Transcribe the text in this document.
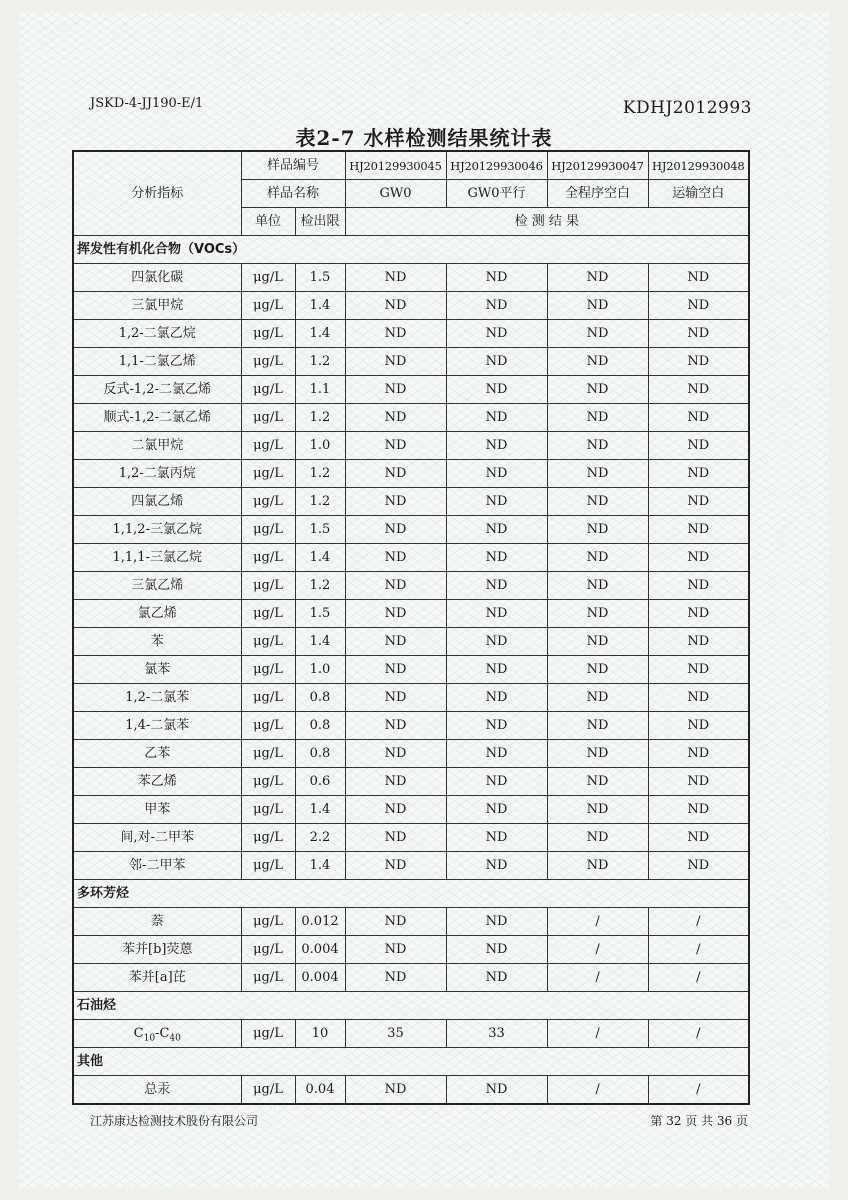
JSKD-4-JJ190-E/1	KDHJ2012993
表2-7 水样检测结果统计表
分析指标	样品编号		HJ20129930045	HJ20129930046	HJ20129930047	HJ20129930048
	样品名称		GW0	GW0平行	全程序空白	运输空白
	单位	检出限	检 测 结 果			
挥发性有机化合物（VOCs）						
四氯化碳	μg/L	1.5	ND	ND	ND	ND
三氯甲烷	μg/L	1.4	ND	ND	ND	ND
1,2-二氯乙烷	μg/L	1.4	ND	ND	ND	ND
1,1-二氯乙烯	μg/L	1.2	ND	ND	ND	ND
反式-1,2-二氯乙烯	μg/L	1.1	ND	ND	ND	ND
顺式-1,2-二氯乙烯	μg/L	1.2	ND	ND	ND	ND
二氯甲烷	μg/L	1.0	ND	ND	ND	ND
1,2-二氯丙烷	μg/L	1.2	ND	ND	ND	ND
四氯乙烯	μg/L	1.2	ND	ND	ND	ND
1,1,2-三氯乙烷	μg/L	1.5	ND	ND	ND	ND
1,1,1-三氯乙烷	μg/L	1.4	ND	ND	ND	ND
三氯乙烯	μg/L	1.2	ND	ND	ND	ND
氯乙烯	μg/L	1.5	ND	ND	ND	ND
苯	μg/L	1.4	ND	ND	ND	ND
氯苯	μg/L	1.0	ND	ND	ND	ND
1,2-二氯苯	μg/L	0.8	ND	ND	ND	ND
1,4-二氯苯	μg/L	0.8	ND	ND	ND	ND
乙苯	μg/L	0.8	ND	ND	ND	ND
苯乙烯	μg/L	0.6	ND	ND	ND	ND
甲苯	μg/L	1.4	ND	ND	ND	ND
间,对-二甲苯	μg/L	2.2	ND	ND	ND	ND
邻-二甲苯	μg/L	1.4	ND	ND	ND	ND
多环芳烃						
萘	μg/L	0.012	ND	ND	/	/
苯并[b]荧蒽	μg/L	0.004	ND	ND	/	/
苯并[a]芘	μg/L	0.004	ND	ND	/	/
石油烃						
$C_{10}-C_{40}$	μg/L	10	35	33	/	/
其他						
总汞	μg/L	0.04	ND	ND	/	/
江苏康达检测技术股份有限公司	第 32 页 共 36 页
